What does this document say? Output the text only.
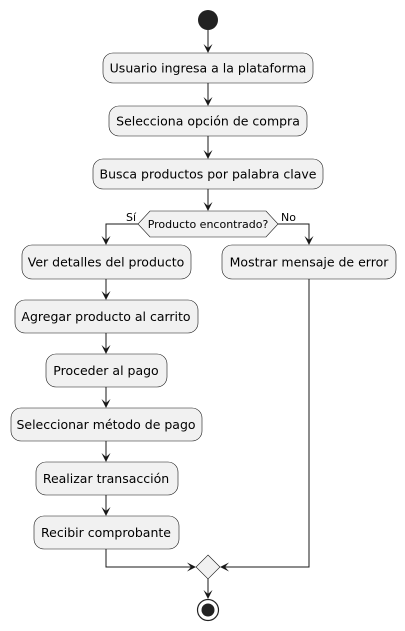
Usuario ingresa a la plataforma
Selecciona opción de compra
Busca productos por palabra clave
Producto encontrado?
Sí	No
Ver detalles del producto	Mostrar mensaje de error
Agregar producto al carrito
Proceder al pago
Seleccionar método de pago
Realizar transacción
Recibir comprobante
